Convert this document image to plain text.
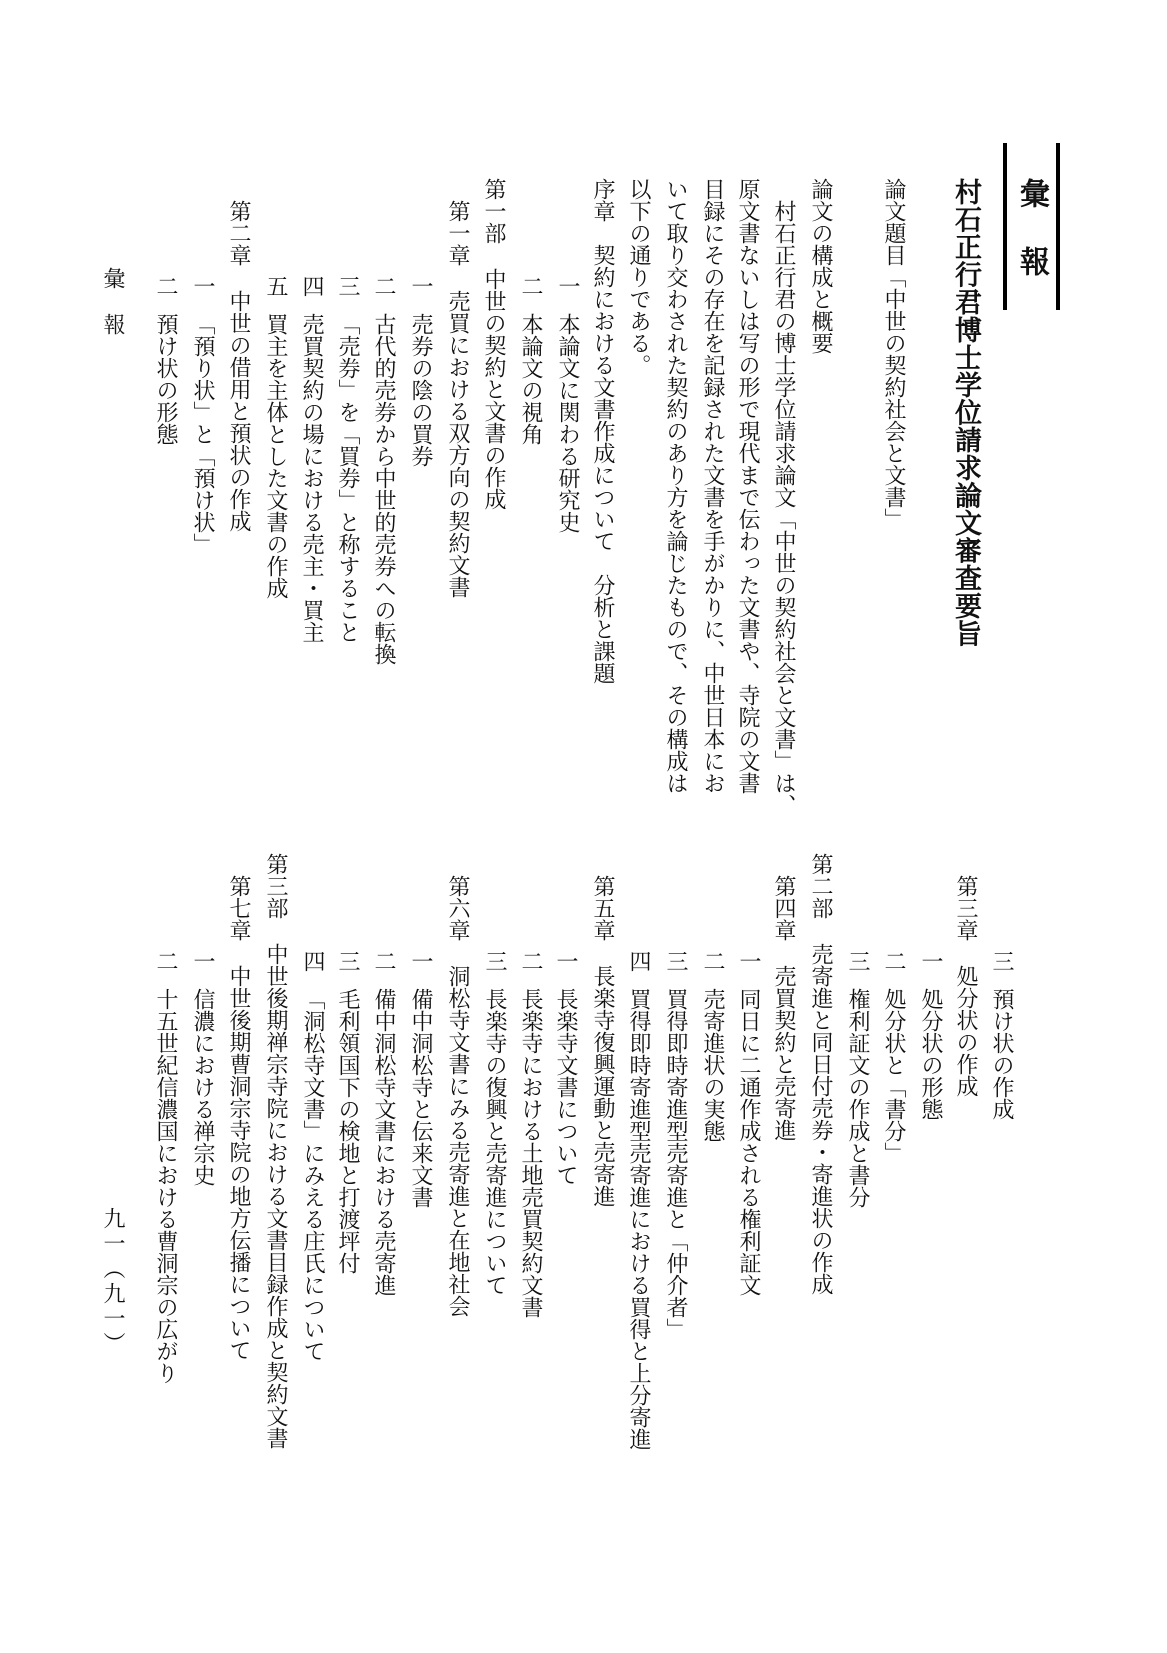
彙　報
村石正行君博士学位請求論文審査要旨
彙　報
九一（九一）
論文題目「中世の契約社会と文書」
論文の構成と概要
村石正行君の博士学位請求論文「中世の契約社会と文書」は、
原文書ないしは写の形で現代まで伝わった文書や、寺院の文書
目録にその存在を記録された文書を手がかりに、中世日本にお
いて取り交わされた契約のあり方を論じたもので、その構成は
以下の通りである。
序章
契約における文書作成について　分析と課題
一
本論文に関わる研究史
二
本論文の視角
第一部
中世の契約と文書の作成
第一章
売買における双方向の契約文書
一
売券の陰の買券
二
古代的売券から中世的売券への転換
三
「売券」を「買券」と称すること
四
売買契約の場における売主・買主
五
買主を主体とした文書の作成
第二章
中世の借用と預状の作成
一
「預り状」と「預け状」
二
預け状の形態
三
預け状の作成
第三章
処分状の作成
一
処分状の形態
二
処分状と「書分」
三
権利証文の作成と書分
第二部
売寄進と同日付売券・寄進状の作成
第四章
売買契約と売寄進
一
同日に二通作成される権利証文
二
売寄進状の実態
三
買得即時寄進型売寄進と「仲介者」
四
買得即時寄進型売寄進における買得と上分寄進
第五章
長楽寺復興運動と売寄進
一
長楽寺文書について
二
長楽寺における土地売買契約文書
三
長楽寺の復興と売寄進について
第六章
洞松寺文書にみる売寄進と在地社会
一
備中洞松寺と伝来文書
二
備中洞松寺文書における売寄進
三
毛利領国下の検地と打渡坪付
四
「洞松寺文書」にみえる庄氏について
第三部
中世後期禅宗寺院における文書目録作成と契約文書
第七章
中世後期曹洞宗寺院の地方伝播について
一
信濃における禅宗史
二
十五世紀信濃国における曹洞宗の広がり
